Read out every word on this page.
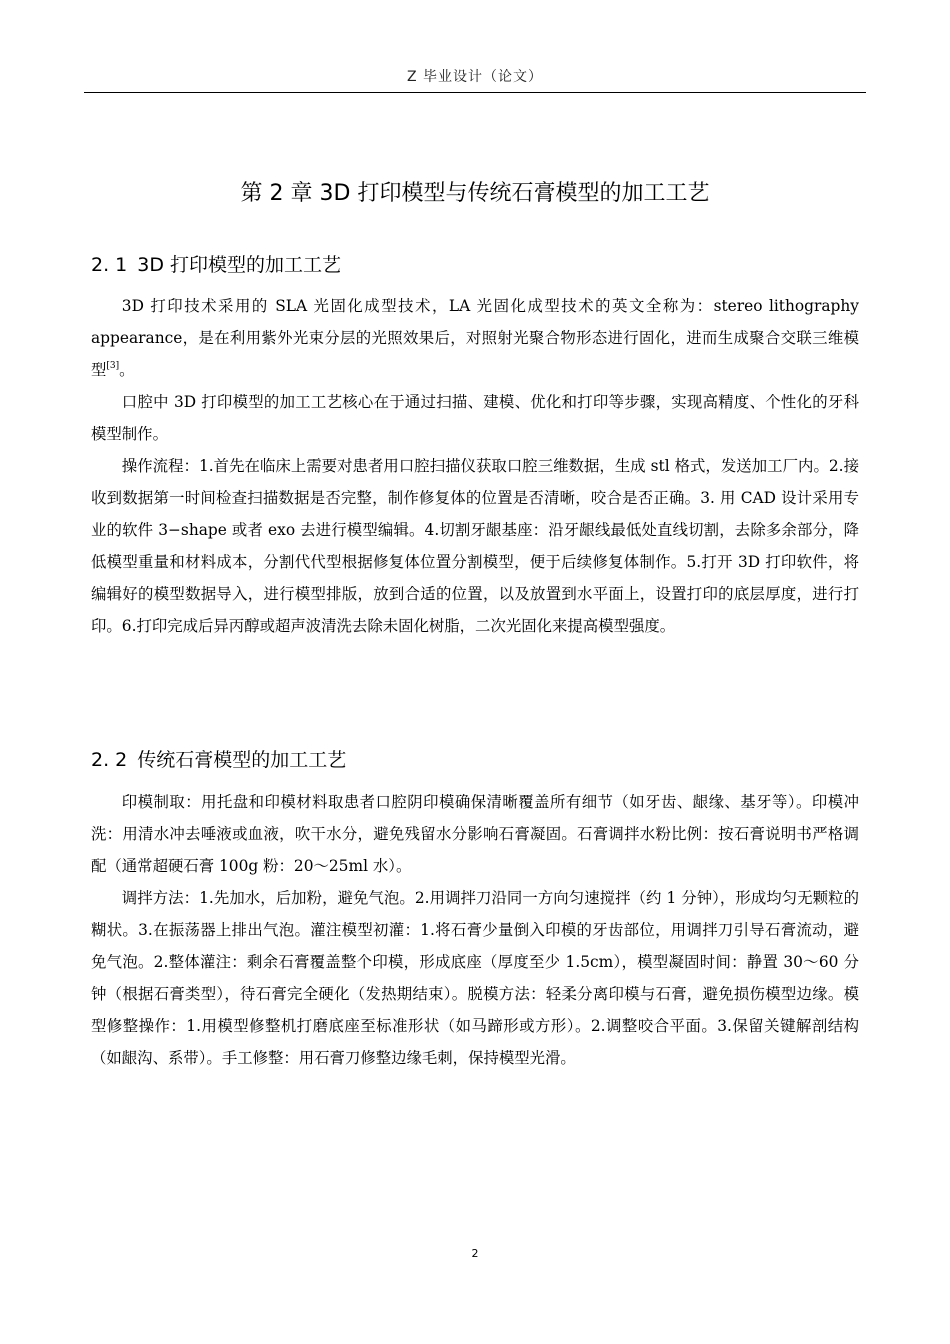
Z 毕业设计（论文）
第 2 章 3D 打印模型与传统石膏模型的加工工艺
2. 1 3D 打印模型的加工工艺

3D 打印技术采用的 SLA 光固化成型技术，LA 光固化成型技术的英文全称为：stereo lithography appearance，是在利用紫外光束分层的光照效果后，对照射光聚合物形态进行固化，进而生成聚合交联三维模型[3]。

口腔中 3D 打印模型的加工工艺核心在于通过扫描、建模、优化和打印等步骤，实现高精度、个性化的牙科模型制作。

操作流程：1.首先在临床上需要对患者用口腔扫描仪获取口腔三维数据，生成 stl 格式，发送加工厂内。2.接收到数据第一时间检查扫描数据是否完整，制作修复体的位置是否清晰，咬合是否正确。3. 用 CAD 设计采用专业的软件 3−shape 或者 exo 去进行模型编辑。4.切割牙龈基座：沿牙龈线最低处直线切割，去除多余部分，降低模型重量和材料成本，分割代代型根据修复体位置分割模型，便于后续修复体制作。5.打开 3D 打印软件，将编辑好的模型数据导入，进行模型排版，放到合适的位置，以及放置到水平面上，设置打印的底层厚度，进行打印。6.打印完成后异丙醇或超声波清洗去除未固化树脂，二次光固化来提高模型强度。

2. 2 传统石膏模型的加工工艺

印模制取：用托盘和印模材料取患者口腔阴印模确保清晰覆盖所有细节（如牙齿、龈缘、基牙等）。印模冲洗：用清水冲去唾液或血液，吹干水分，避免残留水分影响石膏凝固。石膏调拌水粉比例：按石膏说明书严格调配（通常超硬石膏 100g 粉：20～25ml 水）。

调拌方法：1.先加水，后加粉，避免气泡。2.用调拌刀沿同一方向匀速搅拌（约 1 分钟），形成均匀无颗粒的糊状。3.在振荡器上排出气泡。灌注模型初灌：1.将石膏少量倒入印模的牙齿部位，用调拌刀引导石膏流动，避免气泡。2.整体灌注：剩余石膏覆盖整个印模，形成底座（厚度至少 1.5cm），模型凝固时间：静置 30～60 分钟（根据石膏类型），待石膏完全硬化（发热期结束）。脱模方法：轻柔分离印模与石膏，避免损伤模型边缘。模型修整操作：1.用模型修整机打磨底座至标准形状（如马蹄形或方形）。2.调整咬合平面。3.保留关键解剖结构（如龈沟、系带）。手工修整：用石膏刀修整边缘毛刺，保持模型光滑。

2
